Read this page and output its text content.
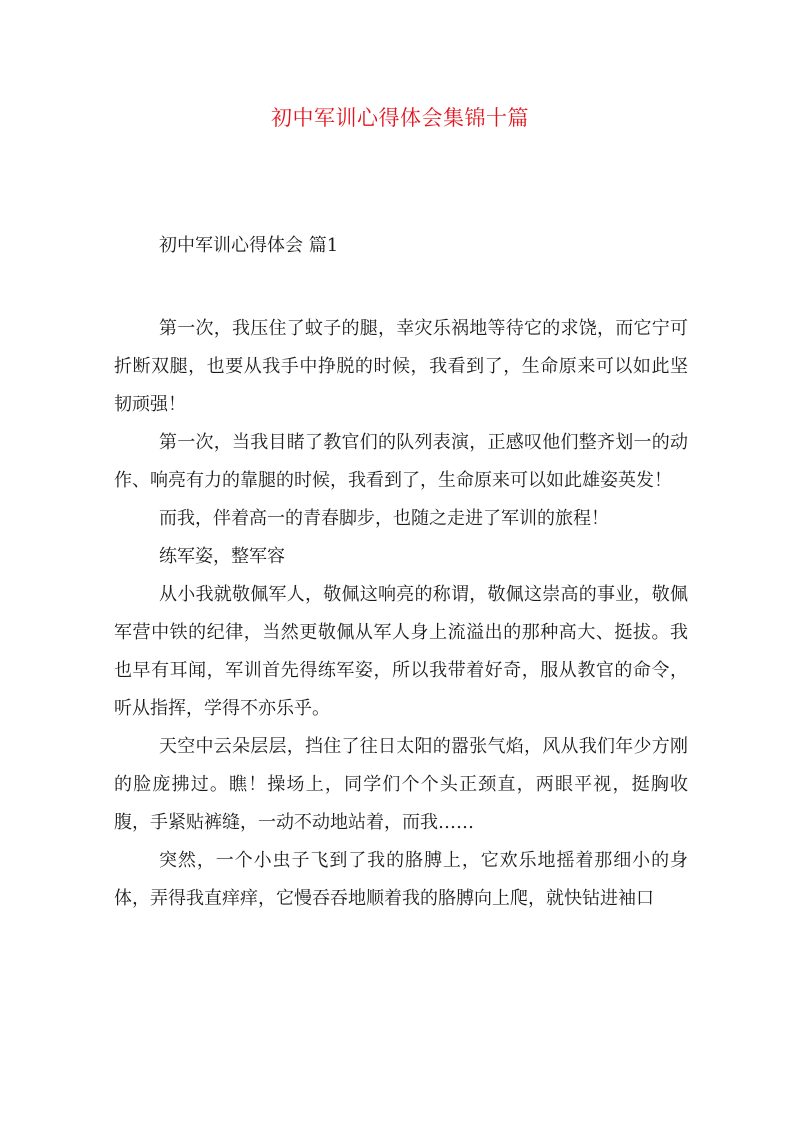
初中军训心得体会集锦十篇
初中军训心得体会 篇1

第一次，我压住了蚊子的腿，幸灾乐祸地等待它的求饶，而它宁可折断双腿，也要从我手中挣脱的时候，我看到了，生命原来可以如此坚韧顽强！

第一次，当我目睹了教官们的队列表演，正感叹他们整齐划一的动作、响亮有力的靠腿的时候，我看到了，生命原来可以如此雄姿英发！

而我，伴着高一的青春脚步，也随之走进了军训的旅程！

练军姿，整军容

从小我就敬佩军人，敬佩这响亮的称谓，敬佩这崇高的事业，敬佩军营中铁的纪律，当然更敬佩从军人身上流溢出的那种高大、挺拔。我也早有耳闻，军训首先得练军姿，所以我带着好奇，服从教官的命令，听从指挥，学得不亦乐乎。

天空中云朵层层，挡住了往日太阳的嚣张气焰，风从我们年少方刚的脸庞拂过。瞧！操场上，同学们个个头正颈直，两眼平视，挺胸收腹，手紧贴裤缝，一动不动地站着，而我……

突然，一个小虫子飞到了我的胳膊上，它欢乐地摇着那细小的身体，弄得我直痒痒，它慢吞吞地顺着我的胳膊向上爬，就快钻进袖口
